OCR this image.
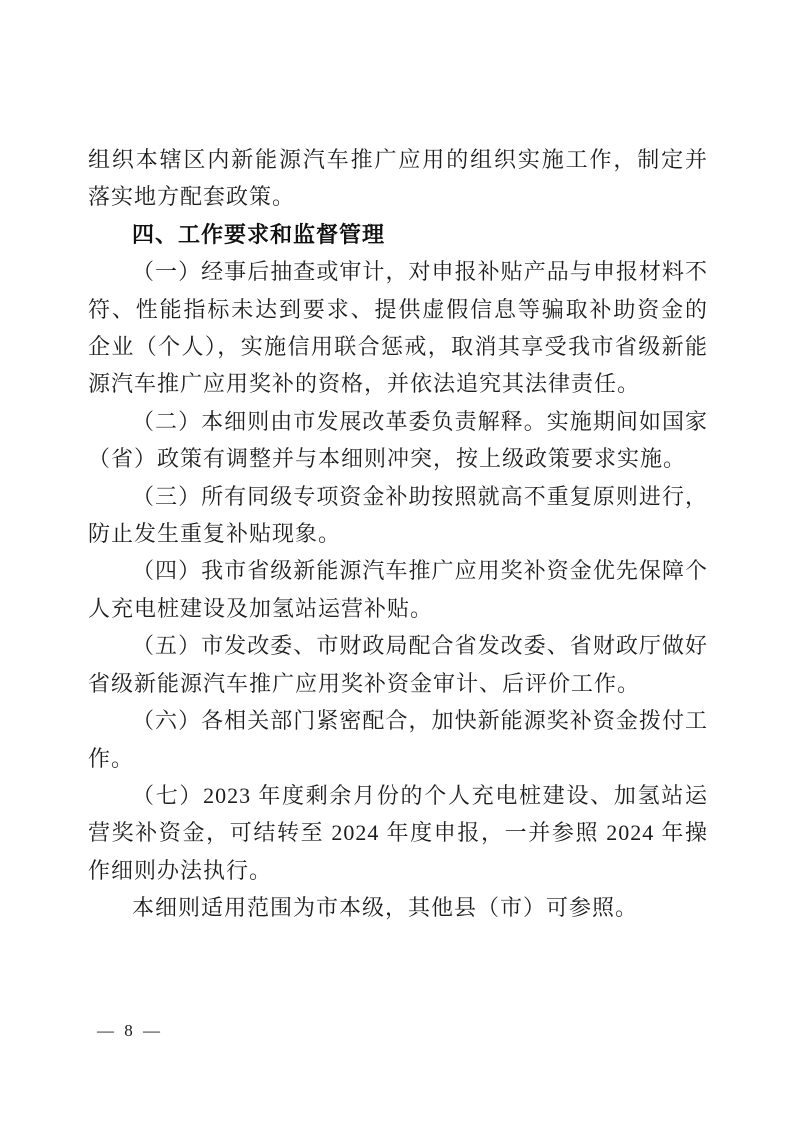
组织本辖区内新能源汽车推广应用的组织实施工作，制定并落实地方配套政策。

四、工作要求和监督管理

（一）经事后抽查或审计，对申报补贴产品与申报材料不符、性能指标未达到要求、提供虚假信息等骗取补助资金的企业（个人），实施信用联合惩戒，取消其享受我市省级新能源汽车推广应用奖补的资格，并依法追究其法律责任。

（二）本细则由市发展改革委负责解释。实施期间如国家（省）政策有调整并与本细则冲突，按上级政策要求实施。

（三）所有同级专项资金补助按照就高不重复原则进行，防止发生重复补贴现象。

（四）我市省级新能源汽车推广应用奖补资金优先保障个人充电桩建设及加氢站运营补贴。

（五）市发改委、市财政局配合省发改委、省财政厅做好省级新能源汽车推广应用奖补资金审计、后评价工作。

（六）各相关部门紧密配合，加快新能源奖补资金拨付工作。

（七）2023 年度剩余月份的个人充电桩建设、加氢站运营奖补资金，可结转至 2024 年度申报，一并参照 2024 年操作细则办法执行。

本细则适用范围为市本级，其他县（市）可参照。

— 8 —
